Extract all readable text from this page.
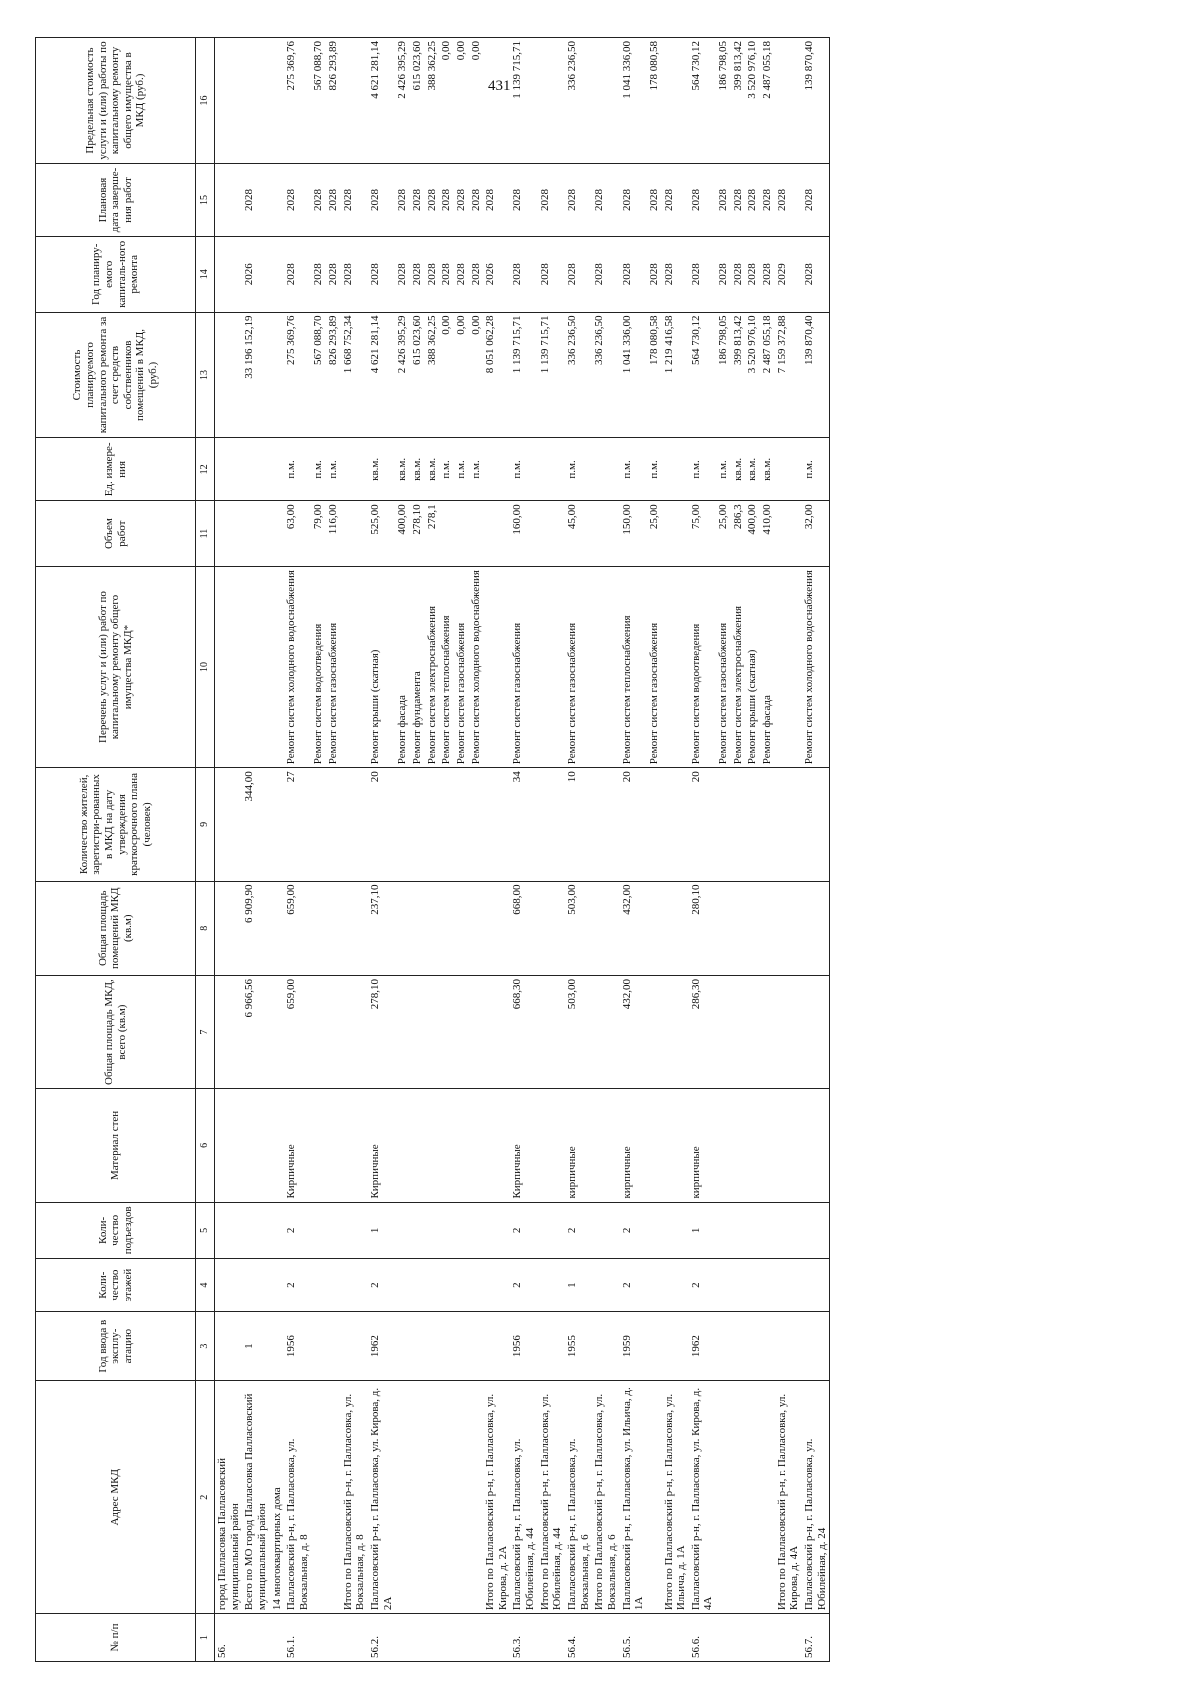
431
№ п/п	Адрес МКД	Год ввода в эксплу-атацию	Коли-чество этажей	Коли-чество подъездов	Материал стен	Общая площадь МКД, всего (кв.м)	Общая площадь помещений МКД (кв.м)	Количество жителей, зарегистри-рованных в МКД на дату утверждения краткосрочного плана (человек)	Перечень услуг и (или) работ по капитальному ремонту общего имущества МКД*	Объем работ	Ед. измере-ния	Стоимость планируемого капитального ремонта за счет средств собственников помещений в МКД, (руб.)	Год планиру-емого капиталь-ного ремонта	Плановая дата заверше-ния работ	Предельная стоимость услуги и (или) работы по капитальному ремонту общего имущества в МКД (руб.)
1	2	3	4	5	6	7	8	9	10	11	12	13	14	15	16
56.	город Палласовка Палласовский муниципальный район														
	Всего по МО город Палласовка Палласовский муниципальный район	1				6 966,56	6 909,90	344,00				33 196 152,19	2026	2028	
	14 многоквартирных дома														
56.1.	Палласовский р-н, г. Палласовка, ул. Вокзальная, д. 8	1956	2	2	Кирпичные	659,00	659,00	27	Ремонт систем холодного водоснабжения	63,00	п.м.	275 369,76	2028	2028	275 369,76
									Ремонт систем водоотведения	79,00	п.м.	567 088,70	2028	2028	567 088,70
									Ремонт систем газоснабжения	116,00	п.м.	826 293,89	2028	2028	826 293,89
	Итого по Палласовский р-н, г. Палласовка, ул. Вокзальная, д. 8											1 668 752,34	2028	2028	
56.2.	Палласовский р-н, г. Палласовка, ул. Кирова, д. 2А	1962	2	1	Кирпичные	278,10	237,10	20	Ремонт крыши (скатная)	525,00	кв.м.	4 621 281,14	2028	2028	4 621 281,14
									Ремонт фасада	400,00	кв.м.	2 426 395,29	2028	2028	2 426 395,29
									Ремонт фундамента	278,10	кв.м.	615 023,60	2028	2028	615 023,60
									Ремонт систем электроснабжения	278,1	кв.м.	388 362,25	2028	2028	388 362,25
									Ремонт систем теплоснабжения		п.м.	0,00	2028	2028	0,00
									Ремонт систем газоснабжения		п.м.	0,00	2028	2028	0,00
									Ремонт систем холодного водоснабжения		п.м.	0,00	2028	2028	0,00
	Итого по Палласовский р-н, г. Палласовка, ул. Кирова, д. 2А											8 051 062,28	2026	2028	
56.3.	Палласовский р-н, г. Палласовка, ул. Юбилейная, д. 44	1956	2	2	Кирпичные	668,30	668,00	34	Ремонт систем газоснабжения	160,00	п.м.	1 139 715,71	2028	2028	1 139 715,71
	Итого по Палласовский р-н, г. Палласовка, ул. Юбилейная, д. 44											1 139 715,71	2028	2028	
56.4.	Палласовский р-н, г. Палласовка, ул. Вокзальная, д. 6	1955	1	2	кирпичные	503,00	503,00	10	Ремонт систем газоснабжения	45,00	п.м.	336 236,50	2028	2028	336 236,50
	Итого по Палласовский р-н, г. Палласовка, ул. Вокзальная, д. 6											336 236,50	2028	2028	
56.5.	Палласовский р-н, г. Палласовка, ул. Ильича, д. 1А	1959	2	2	кирпичные	432,00	432,00	20	Ремонт систем теплоснабжения	150,00	п.м.	1 041 336,00	2028	2028	1 041 336,00
									Ремонт систем газоснабжения	25,00	п.м.	178 080,58	2028	2028	178 080,58
	Итого по Палласовский р-н, г. Палласовка, ул. Ильича, д. 1А											1 219 416,58	2028	2028	
56.6.	Палласовский р-н, г. Палласовка, ул. Кирова, д. 4А	1962	2	1	кирпичные	286,30	280,10	20	Ремонт систем водоотведения	75,00	п.м.	564 730,12	2028	2028	564 730,12
									Ремонт систем газоснабжения	25,00	п.м.	186 798,05	2028	2028	186 798,05
									Ремонт систем электроснабжения	286,3	кв.м.	399 813,42	2028	2028	399 813,42
									Ремонт крыши (скатная)	400,00	кв.м.	3 520 976,10	2028	2028	3 520 976,10
									Ремонт фасада	410,00	кв.м.	2 487 055,18	2028	2028	2 487 055,18
	Итого по Палласовский р-н, г. Палласовка, ул. Кирова, д. 4А											7 159 372,88	2029	2028	
56.7.	Палласовский р-н, г. Палласовка, ул. Юбилейная, д. 24								Ремонт систем холодного водоснабжения	32,00	п.м.	139 870,40	2028	2028	139 870,40
